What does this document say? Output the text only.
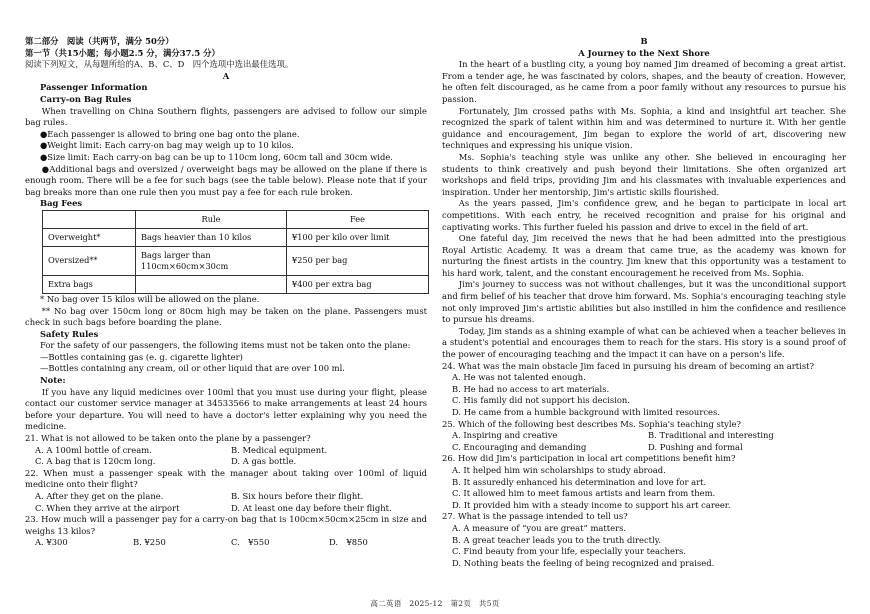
第二部分　阅读（共两节，满分 50分）

第一节（共15小题；每小题2.5 分，满分37.5 分）

阅读下列短文，从每题所给的A、B、C、D　四个选项中选出最佳选项。

A

Passenger Information

Carry-on Bag Rules

When travelling on China Southern flights, passengers are advised to follow our simple bag rules.

●Each passenger is allowed to bring one bag onto the plane.

●Weight limit: Each carry-on bag may weigh up to 10 kilos.

●Size limit: Each carry-on bag can be up to 110cm long, 60cm tall and 30cm wide.

●Additional bags and oversized / overweight bags may be allowed on the plane if there is enough room. There will be a fee for such bags (see the table below). Please note that if your bag breaks more than one rule then you must pay a fee for each rule broken.

Bag Fees

	Rule	Fee
Overweight*	Bags heavier than 10 kilos	¥100 per kilo over limit
Oversized**	Bags larger than 110cm×60cm×30cm	¥250 per bag
Extra bags		¥400 per extra bag

* No bag over 15 kilos will be allowed on the plane.

** No bag over 150cm long or 80cm high may be taken on the plane. Passengers must check in such bags before boarding the plane.

Safety Rules

For the safety of our passengers, the following items must not be taken onto the plane:

—Bottles containing gas (e. g. cigarette lighter)

—Bottles containing any cream, oil or other liquid that are over 100 ml.

Note:

If you have any liquid medicines over 100ml that you must use during your flight, please contact our customer service manager at 34533566 to make arrangements at least 24 hours before your departure. You will need to have a doctor's letter explaining why you need the medicine.

21. What is not allowed to be taken onto the plane by a passenger?

A. A 100ml bottle of cream.	B. Medical equipment.
C. A bag that is 120cm long.	D. A gas bottle.

22. When must a passenger speak with the manager about taking over 100ml of liquid medicine onto their flight?

A. After they get on the plane.	B. Six hours before their flight.
C. When they arrive at the airport	D. At least one day before their flight.

23. How much will a passenger pay for a carry-on bag that is 100cm×50cm×25cm in size and weighs 13 kilos?

A. ¥300	B. ¥250	C.　¥550	D.　¥850

B

A Journey to the Next Shore

In the heart of a bustling city, a young boy named Jim dreamed of becoming a great artist. From a tender age, he was fascinated by colors, shapes, and the beauty of creation. However, he often felt discouraged, as he came from a poor family without any resources to pursue his passion.

Fortunately, Jim crossed paths with Ms. Sophia, a kind and insightful art teacher. She recognized the spark of talent within him and was determined to nurture it. With her gentle guidance and encouragement, Jim began to explore the world of art, discovering new techniques and expressing his unique vision.

Ms. Sophia's teaching style was unlike any other. She believed in encouraging her students to think creatively and push beyond their limitations. She often organized art workshops and field trips, providing Jim and his classmates with invaluable experiences and inspiration. Under her mentorship, Jim's artistic skills flourished.

As the years passed, Jim's confidence grew, and he began to participate in local art competitions. With each entry, he received recognition and praise for his original and captivating works. This further fueled his passion and drive to excel in the field of art.

One fateful day, Jim received the news that he had been admitted into the prestigious Royal Artistic Academy. It was a dream that came true, as the academy was known for nurturing the finest artists in the country. Jim knew that this opportunity was a testament to his hard work, talent, and the constant encouragement he received from Ms. Sophia.

Jim's journey to success was not without challenges, but it was the unconditional support and firm belief of his teacher that drove him forward. Ms. Sophia's encouraging teaching style not only improved Jim's artistic abilities but also instilled in him the confidence and resilience to pursue his dreams.

Today, Jim stands as a shining example of what can be achieved when a teacher believes in a student's potential and encourages them to reach for the stars. His story is a sound proof of the power of encouraging teaching and the impact it can have on a person's life.

24. What was the main obstacle Jim faced in pursuing his dream of becoming an artist?

A. He was not talented enough.

B. He had no access to art materials.

C. His family did not support his decision.

D. He came from a humble background with limited resources.

25. Which of the following best describes Ms. Sophia's teaching style?

A. Inspiring and creative	B. Traditional and interesting
C. Encouraging and demanding	D. Pushing and formal

26. How did Jim's participation in local art competitions benefit him?

A. It helped him win scholarships to study abroad.

B. It assuredly enhanced his determination and love for art.

C. It allowed him to meet famous artists and learn from them.

D. It provided him with a steady income to support his art career.

27. What is the passage intended to tell us?

A. A measure of “you are great” matters.

B. A great teacher leads you to the truth directly.

C. Find beauty from your life, especially your teachers.

D. Nothing beats the feeling of being recognized and praised.

高二英语　2025-12　第2页　共5页
